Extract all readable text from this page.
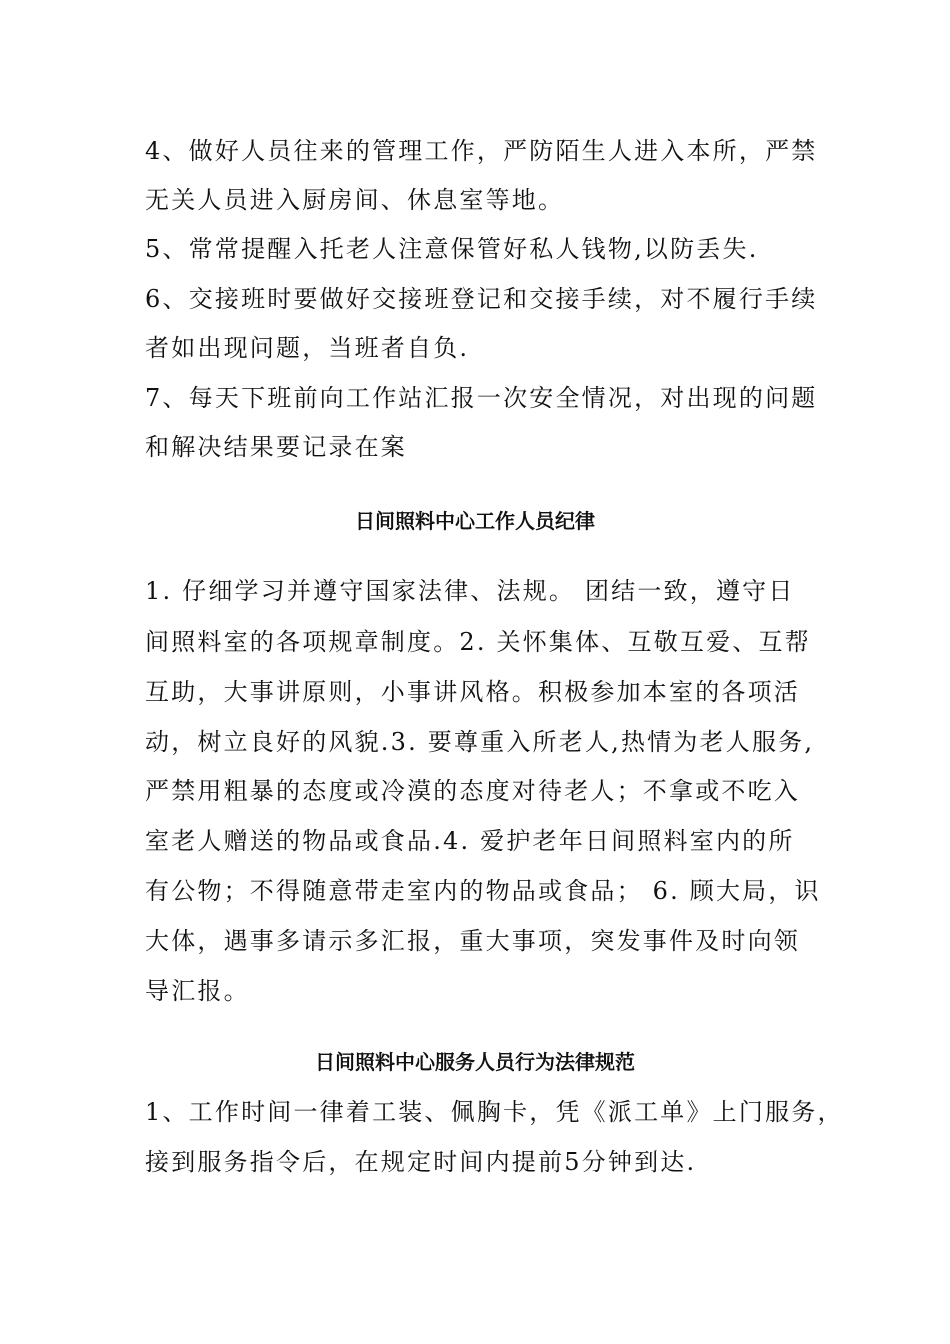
4、做好人员往来的管理工作，严防陌生人进入本所，严禁
无关人员进入厨房间、休息室等地。
5、常常提醒入托老人注意保管好私人钱物,以防丢失.
6、交接班时要做好交接班登记和交接手续，对不履行手续
者如出现问题，当班者自负.
7、每天下班前向工作站汇报一次安全情况，对出现的问题
和解决结果要记录在案
日间照料中心工作人员纪律
1. 仔细学习并遵守国家法律、法规。 团结一致，遵守日
间照料室的各项规章制度。2. 关怀集体、互敬互爱、互帮
互助，大事讲原则，小事讲风格。积极参加本室的各项活
动，树立良好的风貌.3. 要尊重入所老人,热情为老人服务,
严禁用粗暴的态度或冷漠的态度对待老人；不拿或不吃入
室老人赠送的物品或食品.4. 爱护老年日间照料室内的所
有公物；不得随意带走室内的物品或食品； 6. 顾大局，识
大体，遇事多请示多汇报，重大事项，突发事件及时向领
导汇报。
日间照料中心服务人员行为法律规范
1、工作时间一律着工装、佩胸卡，凭《派工单》上门服务，
接到服务指令后，在规定时间内提前5分钟到达.
